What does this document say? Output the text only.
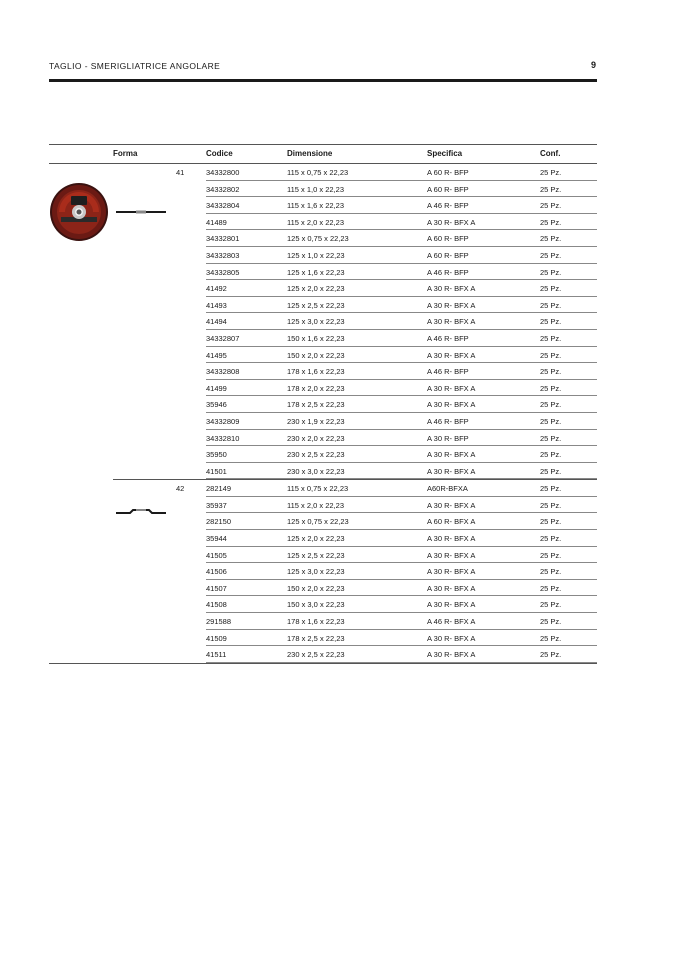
TAGLIO - SMERIGLIATRICE ANGOLARE	9
Forma	Codice	Dimensione	Specifica	Conf.
41	34332800	115 x 0,75 x 22,23	A 60 R- BFP	25 Pz.
34332802	115 x 1,0 x 22,23	A 60 R- BFP	25 Pz.
34332804	115 x 1,6 x 22,23	A 46 R- BFP	25 Pz.
41489	115 x 2,0 x 22,23	A 30 R- BFX A	25 Pz.
34332801	125 x 0,75 x 22,23	A 60 R- BFP	25 Pz.
34332803	125 x 1,0 x 22,23	A 60 R- BFP	25 Pz.
34332805	125 x 1,6 x 22,23	A 46 R- BFP	25 Pz.
41492	125 x 2,0 x 22,23	A 30 R- BFX A	25 Pz.
41493	125 x 2,5 x 22,23	A 30 R- BFX A	25 Pz.
41494	125 x 3,0 x 22,23	A 30 R- BFX A	25 Pz.
34332807	150 x 1,6 x 22,23	A 46 R- BFP	25 Pz.
41495	150 x 2,0 x 22,23	A 30 R- BFX A	25 Pz.
34332808	178 x 1,6 x 22,23	A 46 R- BFP	25 Pz.
41499	178 x 2,0 x 22,23	A 30 R- BFX A	25 Pz.
35946	178 x 2,5 x 22,23	A 30 R- BFX A	25 Pz.
34332809	230 x 1,9 x 22,23	A 46 R- BFP	25 Pz.
34332810	230 x 2,0 x 22,23	A 30 R- BFP	25 Pz.
35950	230 x 2,5 x 22,23	A 30 R- BFX A	25 Pz.
41501	230 x 3,0 x 22,23	A 30 R- BFX A	25 Pz.
42	282149	115 x 0,75 x 22,23	A60R-BFXA	25 Pz.
35937	115 x 2,0 x 22,23	A 30 R- BFX A	25 Pz.
282150	125 x 0,75 x 22,23	A 60 R- BFX A	25 Pz.
35944	125 x 2,0 x 22,23	A 30 R- BFX A	25 Pz.
41505	125 x 2,5 x 22,23	A 30 R- BFX A	25 Pz.
41506	125 x 3,0 x 22,23	A 30 R- BFX A	25 Pz.
41507	150 x 2,0 x 22,23	A 30 R- BFX A	25 Pz.
41508	150 x 3,0 x 22,23	A 30 R- BFX A	25 Pz.
291588	178 x 1,6 x 22,23	A 46 R- BFX A	25 Pz.
41509	178 x 2,5 x 22,23	A 30 R- BFX A	25 Pz.
41511	230 x 2,5 x 22,23	A 30 R- BFX A	25 Pz.
